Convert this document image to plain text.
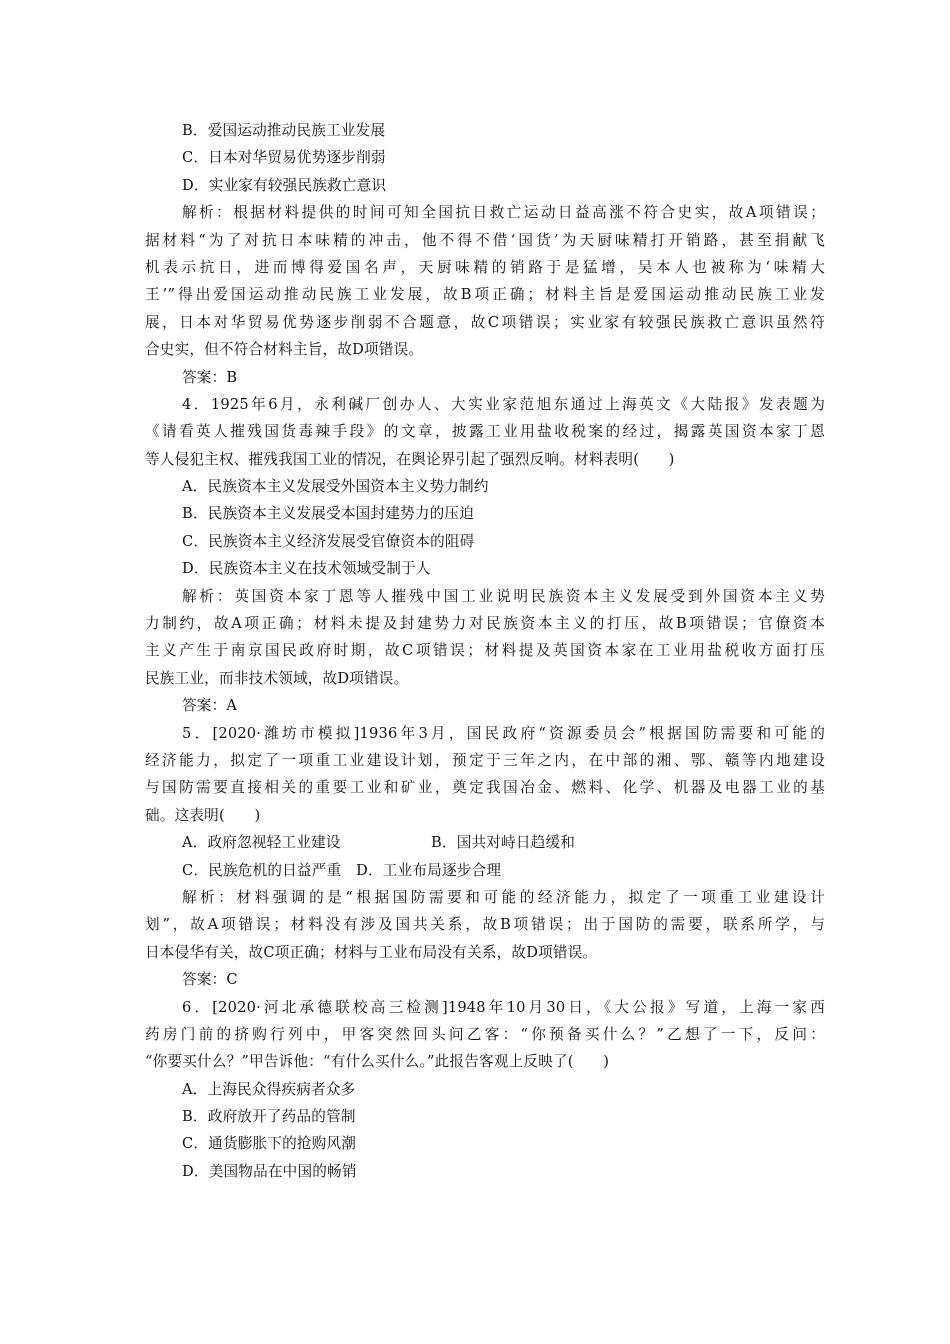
B．爱国运动推动民族工业发展
C．日本对华贸易优势逐步削弱
D．实业家有较强民族救亡意识
解析：根据材料提供的时间可知全国抗日救亡运动日益高涨不符合史实，故A项错误；
据材料“为了对抗日本味精的冲击，他不得不借‘国货’为天厨味精打开销路，甚至捐献飞
机表示抗日，进而博得爱国名声，天厨味精的销路于是猛增，吴本人也被称为‘味精大
王’”得出爱国运动推动民族工业发展，故B项正确；材料主旨是爱国运动推动民族工业发
展，日本对华贸易优势逐步削弱不合题意，故C项错误；实业家有较强民族救亡意识虽然符
合史实，但不符合材料主旨，故D项错误。
答案：B
4．1925年6月，永利碱厂创办人、大实业家范旭东通过上海英文《大陆报》发表题为
《请看英人摧残国货毒辣手段》的文章，披露工业用盐收税案的经过，揭露英国资本家丁恩
等人侵犯主权、摧残我国工业的情况，在舆论界引起了强烈反响。材料表明(　　)
A．民族资本主义发展受外国资本主义势力制约
B．民族资本主义发展受本国封建势力的压迫
C．民族资本主义经济发展受官僚资本的阻碍
D．民族资本主义在技术领域受制于人
解析：英国资本家丁恩等人摧残中国工业说明民族资本主义发展受到外国资本主义势
力制约，故A项正确；材料未提及封建势力对民族资本主义的打压，故B项错误；官僚资本
主义产生于南京国民政府时期，故C项错误；材料提及英国资本家在工业用盐税收方面打压
民族工业，而非技术领域，故D项错误。
答案：A
5．[2020·潍坊市模拟]1936年3月，国民政府“资源委员会”根据国防需要和可能的
经济能力，拟定了一项重工业建设计划，预定于三年之内，在中部的湘、鄂、赣等内地建设
与国防需要直接相关的重要工业和矿业，奠定我国冶金、燃料、化学、机器及电器工业的基
础。这表明(　　)
A．政府忽视轻工业建设	B．国共对峙日趋缓和
C．民族危机的日益严重　D．工业布局逐步合理
解析：材料强调的是“根据国防需要和可能的经济能力，拟定了一项重工业建设计
划”，故A项错误；材料没有涉及国共关系，故B项错误；出于国防的需要，联系所学，与
日本侵华有关，故C项正确；材料与工业布局没有关系，故D项错误。
答案：C
6．[2020·河北承德联校高三检测]1948年10月30日，《大公报》写道，上海一家西
药房门前的挤购行列中，甲客突然回头问乙客：“你预备买什么？”乙想了一下，反问：
“你要买什么？”甲告诉他：“有什么买什么。”此报告客观上反映了(　　)
A．上海民众得疾病者众多
B．政府放开了药品的管制
C．通货膨胀下的抢购风潮
D．美国物品在中国的畅销
